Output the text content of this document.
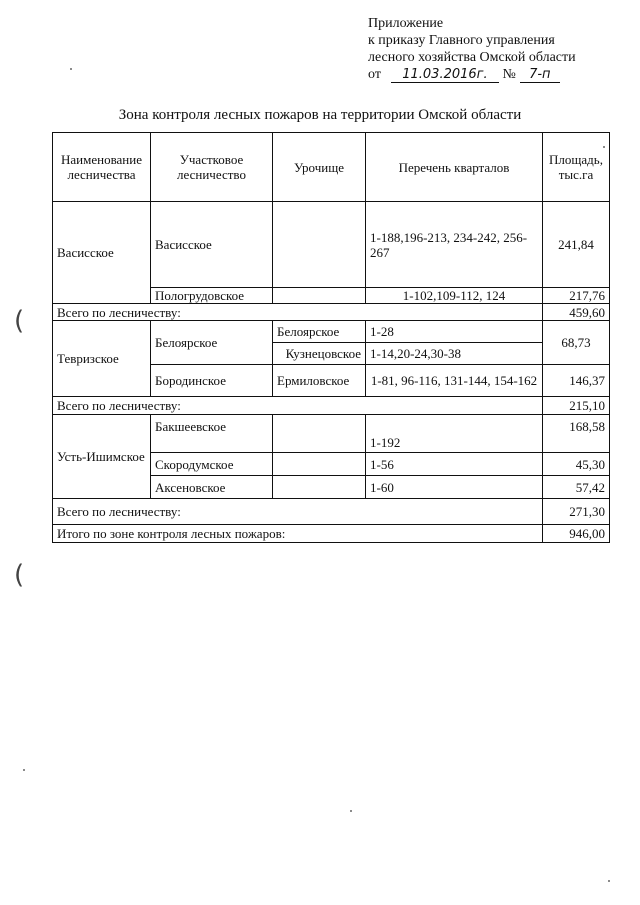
Приложение
к приказу Главного управления
лесного хозяйства Омской области
от 11.03.2016г. № 7-п
Зона контроля лесных пожаров на территории Омской области
Наименование лесничества	Участковое лесничество	Урочище	Перечень кварталов	Площадь, тыс.га
Васисское	Васисское		1-188,196-213, 234-242, 256-267	241,84
	Пологрудовское		1-102,109-112, 124	217,76
Всего по лесничеству:				459,60
Тевризское	Белоярское	Белоярское	1-28	68,73
		Кузнецовское	1-14,20-24,30-38	
	Бородинское	Ермиловское	1-81, 96-116, 131-144, 154-162	146,37
Всего по лесничеству:				215,10
Усть-Ишимское	Бакшеевское		1-192	168,58
	Скородумское		1-56	45,30
	Аксеновское		1-60	57,42
Всего по лесничеству:				271,30
Итого по зоне контроля лесных пожаров:				946,00
(
(
